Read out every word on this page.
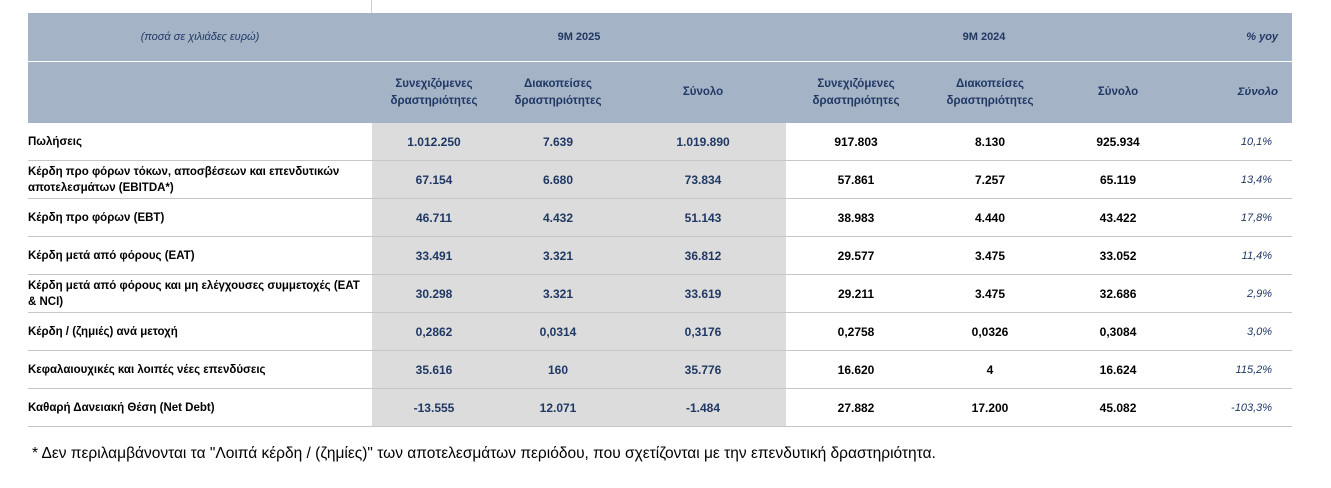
(ποσά σε χιλιάδες ευρώ)	9M 2025			9M 2024			% yoy
	Συνεχιζόμενες δραστηριότητες	Διακοπείσες δραστηριότητες	Σύνολο	Συνεχιζόμενες δραστηριότητες	Διακοπείσες δραστηριότητες	Σύνολο	Σύνολο
Πωλήσεις	1.012.250	7.639	1.019.890	917.803	8.130	925.934	10,1%
Κέρδη προ φόρων τόκων, αποσβέσεων και επενδυτικών αποτελεσμάτων (EBITDA*)	67.154	6.680	73.834	57.861	7.257	65.119	13,4%
Κέρδη προ φόρων (EBT)	46.711	4.432	51.143	38.983	4.440	43.422	17,8%
Κέρδη μετά από φόρους (EAT)	33.491	3.321	36.812	29.577	3.475	33.052	11,4%
Κέρδη μετά από φόρους και μη ελέγχουσες συμμετοχές (EAT & NCI)	30.298	3.321	33.619	29.211	3.475	32.686	2,9%
Κέρδη / (ζημιές) ανά μετοχή	0,2862	0,0314	0,3176	0,2758	0,0326	0,3084	3,0%
Κεφαλαιουχικές και λοιπές νέες επενδύσεις	35.616	160	35.776	16.620	4	16.624	115,2%
Καθαρή Δανειακή Θέση (Net Debt)	-13.555	12.071	-1.484	27.882	17.200	45.082	-103,3%
* Δεν περιλαμβάνονται τα "Λοιπά κέρδη / (ζημίες)" των αποτελεσμάτων περιόδου, που σχετίζονται με την επενδυτική δραστηριότητα.
